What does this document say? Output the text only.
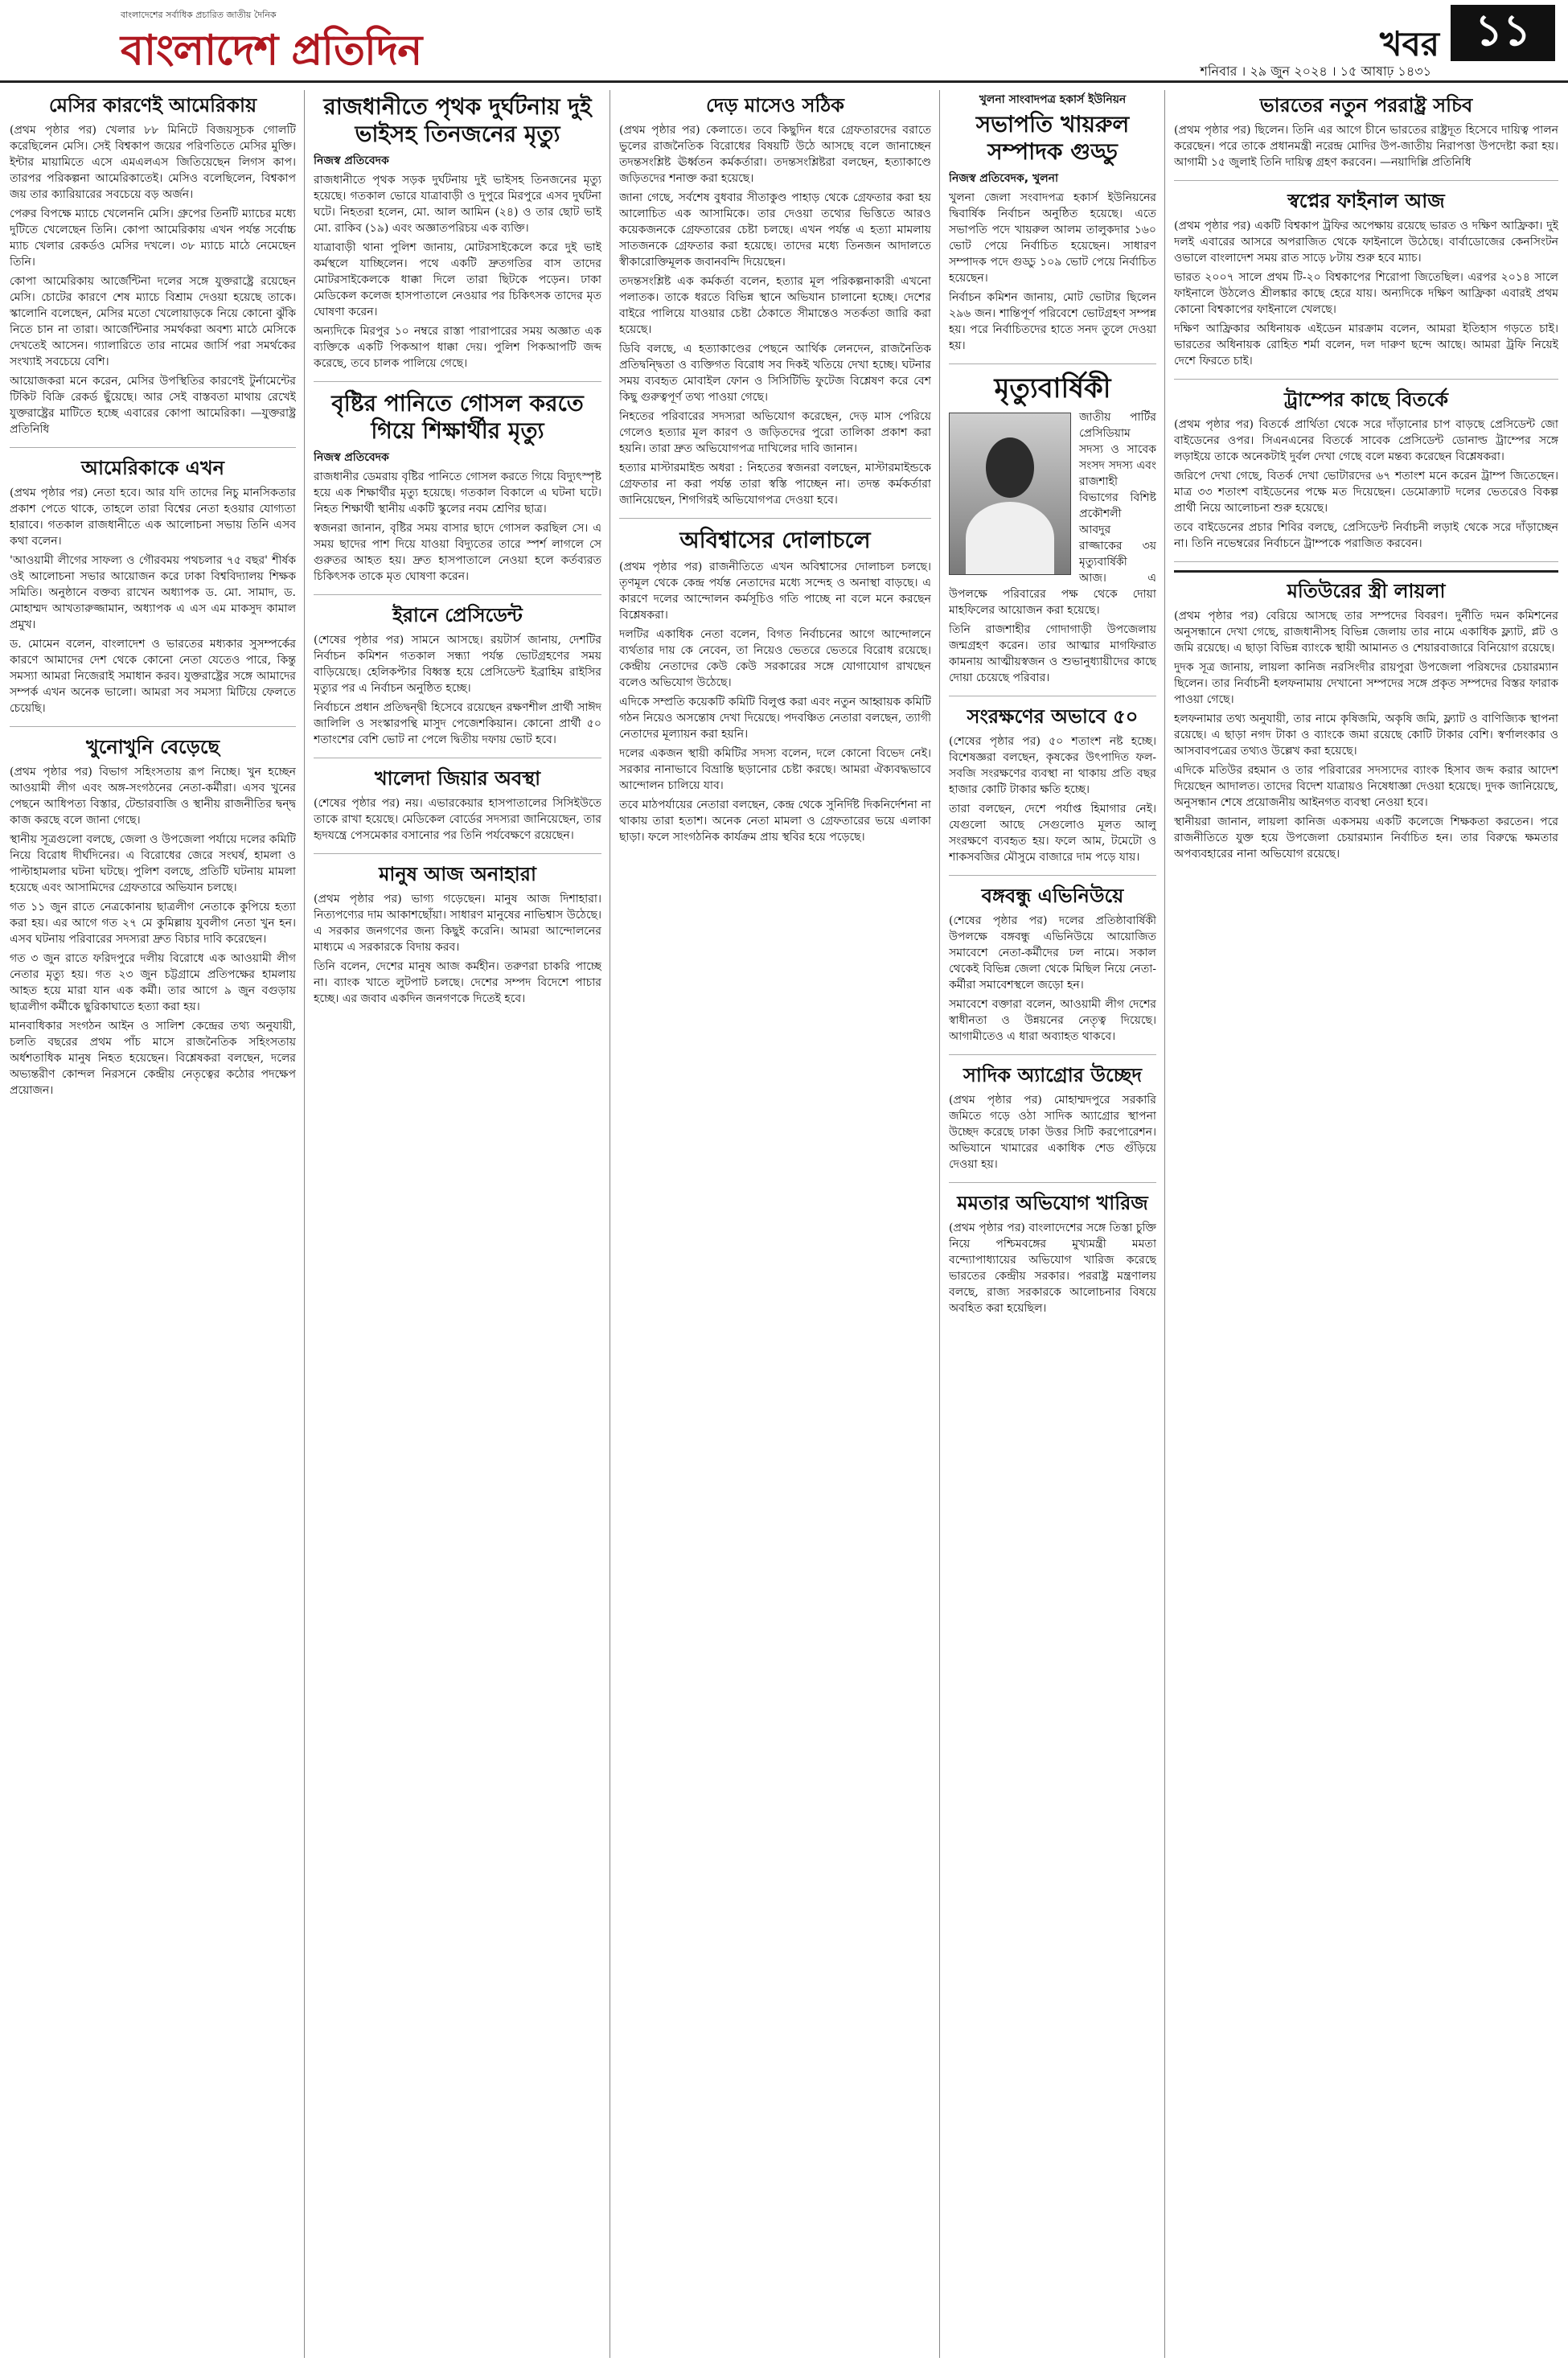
বাংলাদেশের সর্বাধিক প্রচারিত জাতীয় দৈনিক
বাংলাদেশ প্রতিদিন	খবর ১১
শনিবার । ২৯ জুন ২০২৪ । ১৫ আষাঢ় ১৪৩১
মেসির কারণেই আমেরিকায়

(প্রথম পৃষ্ঠার পর) খেলার ৮৮ মিনিটে বিজয়সূচক গোলটি করেছিলেন মেসি। সেই বিশ্বকাপ জয়ের পরিণতিতে মেসির মুক্তি। ইন্টার মায়ামিতে এসে এমএলএস জিতিয়েছেন লিগস কাপ। তারপর পরিকল্পনা আমেরিকাতেই। মেসিও বলেছিলেন, বিশ্বকাপ জয় তার ক্যারিয়ারের সবচেয়ে বড় অর্জন।

পেরুর বিপক্ষে ম্যাচে খেলেননি মেসি। গ্রুপের তিনটি ম্যাচের মধ্যে দুটিতে খেলেছেন তিনি। কোপা আমেরিকায় এখন পর্যন্ত সর্বোচ্চ ম্যাচ খেলার রেকর্ডও মেসির দখলে। ৩৮ ম্যাচে মাঠে নেমেছেন তিনি।

কোপা আমেরিকায় আর্জেন্টিনা দলের সঙ্গে যুক্তরাষ্ট্রে রয়েছেন মেসি। চোটের কারণে শেষ ম্যাচে বিশ্রাম দেওয়া হয়েছে তাকে। স্কালোনি বলেছেন, মেসির মতো খেলোয়াড়কে নিয়ে কোনো ঝুঁকি নিতে চান না তারা। আর্জেন্টিনার সমর্থকরা অবশ্য মাঠে মেসিকে দেখতেই আসেন। গ্যালারিতে তার নামের জার্সি পরা সমর্থকের সংখ্যাই সবচেয়ে বেশি।

আয়োজকরা মনে করেন, মেসির উপস্থিতির কারণেই টুর্নামেন্টের টিকিট বিক্রি রেকর্ড ছুঁয়েছে। আর সেই বাস্তবতা মাথায় রেখেই যুক্তরাষ্ট্রের মাটিতে হচ্ছে এবারের কোপা আমেরিকা। —যুক্তরাষ্ট্র প্রতিনিধি

আমেরিকাকে এখন

(প্রথম পৃষ্ঠার পর) নেতা হবে। আর যদি তাদের নিচু মানসিকতার প্রকাশ পেতে থাকে, তাহলে তারা বিশ্বের নেতা হওয়ার যোগ্যতা হারাবে। গতকাল রাজধানীতে এক আলোচনা সভায় তিনি এসব কথা বলেন।

'আওয়ামী লীগের সাফল্য ও গৌরবময় পথচলার ৭৫ বছর' শীর্ষক ওই আলোচনা সভার আয়োজন করে ঢাকা বিশ্ববিদ্যালয় শিক্ষক সমিতি। অনুষ্ঠানে বক্তব্য রাখেন অধ্যাপক ড. মো. সামাদ, ড. মোহাম্মদ আখতারুজ্জামান, অধ্যাপক এ এস এম মাকসুদ কামাল প্রমুখ।

ড. মোমেন বলেন, বাংলাদেশ ও ভারতের মধ্যকার সুসম্পর্কের কারণে আমাদের দেশ থেকে কোনো নেতা যেতেও পারে, কিন্তু সমস্যা আমরা নিজেরাই সমাধান করব। যুক্তরাষ্ট্রের সঙ্গে আমাদের সম্পর্ক এখন অনেক ভালো। আমরা সব সমস্যা মিটিয়ে ফেলতে চেয়েছি।

খুনোখুনি বেড়েছে

(প্রথম পৃষ্ঠার পর) বিভাগ সহিংসতায় রূপ নিচ্ছে। খুন হচ্ছেন আওয়ামী লীগ এবং অঙ্গ-সংগঠনের নেতা-কর্মীরা। এসব খুনের পেছনে আধিপত্য বিস্তার, টেন্ডারবাজি ও স্থানীয় রাজনীতির দ্বন্দ্ব কাজ করছে বলে জানা গেছে।

স্থানীয় সূত্রগুলো বলছে, জেলা ও উপজেলা পর্যায়ে দলের কমিটি নিয়ে বিরোধ দীর্ঘদিনের। এ বিরোধের জেরে সংঘর্ষ, হামলা ও পাল্টাহামলার ঘটনা ঘটছে। পুলিশ বলছে, প্রতিটি ঘটনায় মামলা হয়েছে এবং আসামিদের গ্রেফতারে অভিযান চলছে।

গত ১১ জুন রাতে নেত্রকোনায় ছাত্রলীগ নেতাকে কুপিয়ে হত্যা করা হয়। এর আগে গত ২৭ মে কুমিল্লায় যুবলীগ নেতা খুন হন। এসব ঘটনায় পরিবারের সদস্যরা দ্রুত বিচার দাবি করেছেন।

গত ৩ জুন রাতে ফরিদপুরে দলীয় বিরোধে এক আওয়ামী লীগ নেতার মৃত্যু হয়। গত ২৩ জুন চট্টগ্রামে প্রতিপক্ষের হামলায় আহত হয়ে মারা যান এক কর্মী। তার আগে ৯ জুন বগুড়ায় ছাত্রলীগ কর্মীকে ছুরিকাঘাতে হত্যা করা হয়।

মানবাধিকার সংগঠন আইন ও সালিশ কেন্দ্রের তথ্য অনুযায়ী, চলতি বছরের প্রথম পাঁচ মাসে রাজনৈতিক সহিংসতায় অর্ধশতাধিক মানুষ নিহত হয়েছেন। বিশ্লেষকরা বলছেন, দলের অভ্যন্তরীণ কোন্দল নিরসনে কেন্দ্রীয় নেতৃত্বের কঠোর পদক্ষেপ প্রয়োজন।

রাজধানীতে পৃথক দুর্ঘটনায় দুই ভাইসহ তিনজনের মৃত্যু
নিজস্ব প্রতিবেদক

রাজধানীতে পৃথক সড়ক দুর্ঘটনায় দুই ভাইসহ তিনজনের মৃত্যু হয়েছে। গতকাল ভোরে যাত্রাবাড়ী ও দুপুরে মিরপুরে এসব দুর্ঘটনা ঘটে। নিহতরা হলেন, মো. আল আমিন (২৪) ও তার ছোট ভাই মো. রাকিব (১৯) এবং অজ্ঞাতপরিচয় এক ব্যক্তি।

যাত্রাবাড়ী থানা পুলিশ জানায়, মোটরসাইকেলে করে দুই ভাই কর্মস্থলে যাচ্ছিলেন। পথে একটি দ্রুতগতির বাস তাদের মোটরসাইকেলকে ধাক্কা দিলে তারা ছিটকে পড়েন। ঢাকা মেডিকেল কলেজ হাসপাতালে নেওয়ার পর চিকিৎসক তাদের মৃত ঘোষণা করেন।

অন্যদিকে মিরপুর ১০ নম্বরে রাস্তা পারাপারের সময় অজ্ঞাত এক ব্যক্তিকে একটি পিকআপ ধাক্কা দেয়। পুলিশ পিকআপটি জব্দ করেছে, তবে চালক পালিয়ে গেছে।

বৃষ্টির পানিতে গোসল করতে গিয়ে শিক্ষার্থীর মৃত্যু
নিজস্ব প্রতিবেদক

রাজধানীর ডেমরায় বৃষ্টির পানিতে গোসল করতে গিয়ে বিদ্যুৎস্পৃষ্ট হয়ে এক শিক্ষার্থীর মৃত্যু হয়েছে। গতকাল বিকালে এ ঘটনা ঘটে। নিহত শিক্ষার্থী স্থানীয় একটি স্কুলের নবম শ্রেণির ছাত্র।

স্বজনরা জানান, বৃষ্টির সময় বাসার ছাদে গোসল করছিল সে। এ সময় ছাদের পাশ দিয়ে যাওয়া বিদ্যুতের তারে স্পর্শ লাগলে সে গুরুতর আহত হয়। দ্রুত হাসপাতালে নেওয়া হলে কর্তব্যরত চিকিৎসক তাকে মৃত ঘোষণা করেন।

ইরানে প্রেসিডেন্ট

(শেষের পৃষ্ঠার পর) সামনে আসছে। রয়টার্স জানায়, দেশটির নির্বাচন কমিশন গতকাল সন্ধ্যা পর্যন্ত ভোটগ্রহণের সময় বাড়িয়েছে। হেলিকপ্টার বিধ্বস্ত হয়ে প্রেসিডেন্ট ইব্রাহিম রাইসির মৃত্যুর পর এ নির্বাচন অনুষ্ঠিত হচ্ছে।

নির্বাচনে প্রধান প্রতিদ্বন্দ্বী হিসেবে রয়েছেন রক্ষণশীল প্রার্থী সাঈদ জালিলি ও সংস্কারপন্থি মাসুদ পেজেশকিয়ান। কোনো প্রার্থী ৫০ শতাংশের বেশি ভোট না পেলে দ্বিতীয় দফায় ভোট হবে।

খালেদা জিয়ার অবস্থা

(শেষের পৃষ্ঠার পর) নয়। এভারকেয়ার হাসপাতালের সিসিইউতে তাকে রাখা হয়েছে। মেডিকেল বোর্ডের সদস্যরা জানিয়েছেন, তার হৃদযন্ত্রে পেসমেকার বসানোর পর তিনি পর্যবেক্ষণে রয়েছেন।

মানুষ আজ অনাহারা

(প্রথম পৃষ্ঠার পর) ভাগ্য গড়েছেন। মানুষ আজ দিশাহারা। নিত্যপণ্যের দাম আকাশছোঁয়া। সাধারণ মানুষের নাভিশ্বাস উঠেছে। এ সরকার জনগণের জন্য কিছুই করেনি। আমরা আন্দোলনের মাধ্যমে এ সরকারকে বিদায় করব।

তিনি বলেন, দেশের মানুষ আজ কর্মহীন। তরুণরা চাকরি পাচ্ছে না। ব্যাংক খাতে লুটপাট চলছে। দেশের সম্পদ বিদেশে পাচার হচ্ছে। এর জবাব একদিন জনগণকে দিতেই হবে।

দেড় মাসেও সঠিক

(প্রথম পৃষ্ঠার পর) কেলাতে। তবে কিছুদিন ধরে গ্রেফতারদের বরাতে ভুলের রাজনৈতিক বিরোধের বিষয়টি উঠে আসছে বলে জানাচ্ছেন তদন্তসংশ্লিষ্ট ঊর্ধ্বতন কর্মকর্তারা। তদন্তসংশ্লিষ্টরা বলছেন, হত্যাকাণ্ডে জড়িতদের শনাক্ত করা হয়েছে।

জানা গেছে, সর্বশেষ বুধবার সীতাকুণ্ড পাহাড় থেকে গ্রেফতার করা হয় আলোচিত এক আসামিকে। তার দেওয়া তথ্যের ভিত্তিতে আরও কয়েকজনকে গ্রেফতারের চেষ্টা চলছে। এখন পর্যন্ত এ হত্যা মামলায় সাতজনকে গ্রেফতার করা হয়েছে। তাদের মধ্যে তিনজন আদালতে স্বীকারোক্তিমূলক জবানবন্দি দিয়েছেন।

তদন্তসংশ্লিষ্ট এক কর্মকর্তা বলেন, হত্যার মূল পরিকল্পনাকারী এখনো পলাতক। তাকে ধরতে বিভিন্ন স্থানে অভিযান চালানো হচ্ছে। দেশের বাইরে পালিয়ে যাওয়ার চেষ্টা ঠেকাতে সীমান্তেও সতর্কতা জারি করা হয়েছে।

ডিবি বলছে, এ হত্যাকাণ্ডের পেছনে আর্থিক লেনদেন, রাজনৈতিক প্রতিদ্বন্দ্বিতা ও ব্যক্তিগত বিরোধ সব দিকই খতিয়ে দেখা হচ্ছে। ঘটনার সময় ব্যবহৃত মোবাইল ফোন ও সিসিটিভি ফুটেজ বিশ্লেষণ করে বেশ কিছু গুরুত্বপূর্ণ তথ্য পাওয়া গেছে।

নিহতের পরিবারের সদস্যরা অভিযোগ করেছেন, দেড় মাস পেরিয়ে গেলেও হত্যার মূল কারণ ও জড়িতদের পুরো তালিকা প্রকাশ করা হয়নি। তারা দ্রুত অভিযোগপত্র দাখিলের দাবি জানান।

হত্যার মাস্টারমাইন্ড অধরা : নিহতের স্বজনরা বলছেন, মাস্টারমাইন্ডকে গ্রেফতার না করা পর্যন্ত তারা স্বস্তি পাচ্ছেন না। তদন্ত কর্মকর্তারা জানিয়েছেন, শিগগিরই অভিযোগপত্র দেওয়া হবে।

অবিশ্বাসের দোলাচলে

(প্রথম পৃষ্ঠার পর) রাজনীতিতে এখন অবিশ্বাসের দোলাচল চলছে। তৃণমূল থেকে কেন্দ্র পর্যন্ত নেতাদের মধ্যে সন্দেহ ও অনাস্থা বাড়ছে। এ কারণে দলের আন্দোলন কর্মসূচিও গতি পাচ্ছে না বলে মনে করছেন বিশ্লেষকরা।

দলটির একাধিক নেতা বলেন, বিগত নির্বাচনের আগে আন্দোলনে ব্যর্থতার দায় কে নেবেন, তা নিয়েও ভেতরে ভেতরে বিরোধ রয়েছে। কেন্দ্রীয় নেতাদের কেউ কেউ সরকারের সঙ্গে যোগাযোগ রাখছেন বলেও অভিযোগ উঠেছে।

এদিকে সম্প্রতি কয়েকটি কমিটি বিলুপ্ত করা এবং নতুন আহ্বায়ক কমিটি গঠন নিয়েও অসন্তোষ দেখা দিয়েছে। পদবঞ্চিত নেতারা বলছেন, ত্যাগী নেতাদের মূল্যায়ন করা হয়নি।

দলের একজন স্থায়ী কমিটির সদস্য বলেন, দলে কোনো বিভেদ নেই। সরকার নানাভাবে বিভ্রান্তি ছড়ানোর চেষ্টা করছে। আমরা ঐক্যবদ্ধভাবে আন্দোলন চালিয়ে যাব।

তবে মাঠপর্যায়ের নেতারা বলছেন, কেন্দ্র থেকে সুনির্দিষ্ট দিকনির্দেশনা না থাকায় তারা হতাশ। অনেক নেতা মামলা ও গ্রেফতারের ভয়ে এলাকা ছাড়া। ফলে সাংগঠনিক কার্যক্রম প্রায় স্থবির হয়ে পড়েছে।

খুলনা সাংবাদপত্র হকার্স ইউনিয়ন
সভাপতি খায়রুল সম্পাদক গুড্ডু
নিজস্ব প্রতিবেদক, খুলনা

খুলনা জেলা সংবাদপত্র হকার্স ইউনিয়নের দ্বিবার্ষিক নির্বাচন অনুষ্ঠিত হয়েছে। এতে সভাপতি পদে খায়রুল আলম তালুকদার ১৬০ ভোট পেয়ে নির্বাচিত হয়েছেন। সাধারণ সম্পাদক পদে গুড্ডু ১০৯ ভোট পেয়ে নির্বাচিত হয়েছেন।

নির্বাচন কমিশন জানায়, মোট ভোটার ছিলেন ২৯৬ জন। শান্তিপূর্ণ পরিবেশে ভোটগ্রহণ সম্পন্ন হয়। পরে নির্বাচিতদের হাতে সনদ তুলে দেওয়া হয়।

মৃত্যুবার্ষিকী

জাতীয় পার্টির প্রেসিডিয়াম সদস্য ও সাবেক সংসদ সদস্য এবং রাজশাহী বিভাগের বিশিষ্ট প্রকৌশলী আবদুর রাজ্জাকের ৩য় মৃত্যুবার্ষিকী আজ। এ উপলক্ষে পরিবারের পক্ষ থেকে দোয়া মাহফিলের আয়োজন করা হয়েছে।

তিনি রাজশাহীর গোদাগাড়ী উপজেলায় জন্মগ্রহণ করেন। তার আত্মার মাগফিরাত কামনায় আত্মীয়স্বজন ও শুভানুধ্যায়ীদের কাছে দোয়া চেয়েছে পরিবার।

সংরক্ষণের অভাবে ৫০

(শেষের পৃষ্ঠার পর) ৫০ শতাংশ নষ্ট হচ্ছে। বিশেষজ্ঞরা বলছেন, কৃষকের উৎপাদিত ফল-সবজি সংরক্ষণের ব্যবস্থা না থাকায় প্রতি বছর হাজার কোটি টাকার ক্ষতি হচ্ছে।

তারা বলছেন, দেশে পর্যাপ্ত হিমাগার নেই। যেগুলো আছে সেগুলোও মূলত আলু সংরক্ষণে ব্যবহৃত হয়। ফলে আম, টমেটো ও শাকসবজির মৌসুমে বাজারে দাম পড়ে যায়।

বঙ্গবন্ধু এভিনিউয়ে

(শেষের পৃষ্ঠার পর) দলের প্রতিষ্ঠাবার্ষিকী উপলক্ষে বঙ্গবন্ধু এভিনিউয়ে আয়োজিত সমাবেশে নেতা-কর্মীদের ঢল নামে। সকাল থেকেই বিভিন্ন জেলা থেকে মিছিল নিয়ে নেতা-কর্মীরা সমাবেশস্থলে জড়ো হন।

সমাবেশে বক্তারা বলেন, আওয়ামী লীগ দেশের স্বাধীনতা ও উন্নয়নের নেতৃত্ব দিয়েছে। আগামীতেও এ ধারা অব্যাহত থাকবে।

সাদিক অ্যাগ্রোর উচ্ছেদ

(প্রথম পৃষ্ঠার পর) মোহাম্মদপুরে সরকারি জমিতে গড়ে ওঠা সাদিক অ্যাগ্রোর স্থাপনা উচ্ছেদ করেছে ঢাকা উত্তর সিটি করপোরেশন। অভিযানে খামারের একাধিক শেড গুঁড়িয়ে দেওয়া হয়।

মমতার অভিযোগ খারিজ

(প্রথম পৃষ্ঠার পর) বাংলাদেশের সঙ্গে তিস্তা চুক্তি নিয়ে পশ্চিমবঙ্গের মুখ্যমন্ত্রী মমতা বন্দ্যোপাধ্যায়ের অভিযোগ খারিজ করেছে ভারতের কেন্দ্রীয় সরকার। পররাষ্ট্র মন্ত্রণালয় বলছে, রাজ্য সরকারকে আলোচনার বিষয়ে অবহিত করা হয়েছিল।

ভারতের নতুন পররাষ্ট্র সচিব

(প্রথম পৃষ্ঠার পর) ছিলেন। তিনি এর আগে চীনে ভারতের রাষ্ট্রদূত হিসেবে দায়িত্ব পালন করেছেন। পরে তাকে প্রধানমন্ত্রী নরেন্দ্র মোদির উপ-জাতীয় নিরাপত্তা উপদেষ্টা করা হয়। আগামী ১৫ জুলাই তিনি দায়িত্ব গ্রহণ করবেন। —নয়াদিল্লি প্রতিনিধি

স্বপ্নের ফাইনাল আজ

(প্রথম পৃষ্ঠার পর) একটি বিশ্বকাপ ট্রফির অপেক্ষায় রয়েছে ভারত ও দক্ষিণ আফ্রিকা। দুই দলই এবারের আসরে অপরাজিত থেকে ফাইনালে উঠেছে। বার্বাডোজের কেনসিংটন ওভালে বাংলাদেশ সময় রাত সাড়ে ৮টায় শুরু হবে ম্যাচ।

ভারত ২০০৭ সালে প্রথম টি-২০ বিশ্বকাপের শিরোপা জিতেছিল। এরপর ২০১৪ সালে ফাইনালে উঠলেও শ্রীলঙ্কার কাছে হেরে যায়। অন্যদিকে দক্ষিণ আফ্রিকা এবারই প্রথম কোনো বিশ্বকাপের ফাইনালে খেলছে।

দক্ষিণ আফ্রিকার অধিনায়ক এইডেন মারক্রাম বলেন, আমরা ইতিহাস গড়তে চাই। ভারতের অধিনায়ক রোহিত শর্মা বলেন, দল দারুণ ছন্দে আছে। আমরা ট্রফি নিয়েই দেশে ফিরতে চাই।

ট্রাম্পের কাছে বিতর্কে

(প্রথম পৃষ্ঠার পর) বিতর্কে প্রার্থিতা থেকে সরে দাঁড়ানোর চাপ বাড়ছে প্রেসিডেন্ট জো বাইডেনের ওপর। সিএনএনের বিতর্কে সাবেক প্রেসিডেন্ট ডোনাল্ড ট্রাম্পের সঙ্গে লড়াইয়ে তাকে অনেকটাই দুর্বল দেখা গেছে বলে মন্তব্য করেছেন বিশ্লেষকরা।

জরিপে দেখা গেছে, বিতর্ক দেখা ভোটারদের ৬৭ শতাংশ মনে করেন ট্রাম্প জিতেছেন। মাত্র ৩৩ শতাংশ বাইডেনের পক্ষে মত দিয়েছেন। ডেমোক্র্যাট দলের ভেতরেও বিকল্প প্রার্থী নিয়ে আলোচনা শুরু হয়েছে।

তবে বাইডেনের প্রচার শিবির বলছে, প্রেসিডেন্ট নির্বাচনী লড়াই থেকে সরে দাঁড়াচ্ছেন না। তিনি নভেম্বরের নির্বাচনে ট্রাম্পকে পরাজিত করবেন।

মতিউরের স্ত্রী লায়লা

(প্রথম পৃষ্ঠার পর) বেরিয়ে আসছে তার সম্পদের বিবরণ। দুর্নীতি দমন কমিশনের অনুসন্ধানে দেখা গেছে, রাজধানীসহ বিভিন্ন জেলায় তার নামে একাধিক ফ্ল্যাট, প্লট ও জমি রয়েছে। এ ছাড়া বিভিন্ন ব্যাংকে স্থায়ী আমানত ও শেয়ারবাজারে বিনিয়োগ রয়েছে।

দুদক সূত্র জানায়, লায়লা কানিজ নরসিংদীর রায়পুরা উপজেলা পরিষদের চেয়ারম্যান ছিলেন। তার নির্বাচনী হলফনামায় দেখানো সম্পদের সঙ্গে প্রকৃত সম্পদের বিস্তর ফারাক পাওয়া গেছে।

হলফনামার তথ্য অনুযায়ী, তার নামে কৃষিজমি, অকৃষি জমি, ফ্ল্যাট ও বাণিজ্যিক স্থাপনা রয়েছে। এ ছাড়া নগদ টাকা ও ব্যাংকে জমা রয়েছে কোটি টাকার বেশি। স্বর্ণালংকার ও আসবাবপত্রের তথ্যও উল্লেখ করা হয়েছে।

এদিকে মতিউর রহমান ও তার পরিবারের সদস্যদের ব্যাংক হিসাব জব্দ করার আদেশ দিয়েছেন আদালত। তাদের বিদেশ যাত্রায়ও নিষেধাজ্ঞা দেওয়া হয়েছে। দুদক জানিয়েছে, অনুসন্ধান শেষে প্রয়োজনীয় আইনগত ব্যবস্থা নেওয়া হবে।

স্থানীয়রা জানান, লায়লা কানিজ একসময় একটি কলেজে শিক্ষকতা করতেন। পরে রাজনীতিতে যুক্ত হয়ে উপজেলা চেয়ারম্যান নির্বাচিত হন। তার বিরুদ্ধে ক্ষমতার অপব্যবহারের নানা অভিযোগ রয়েছে।
